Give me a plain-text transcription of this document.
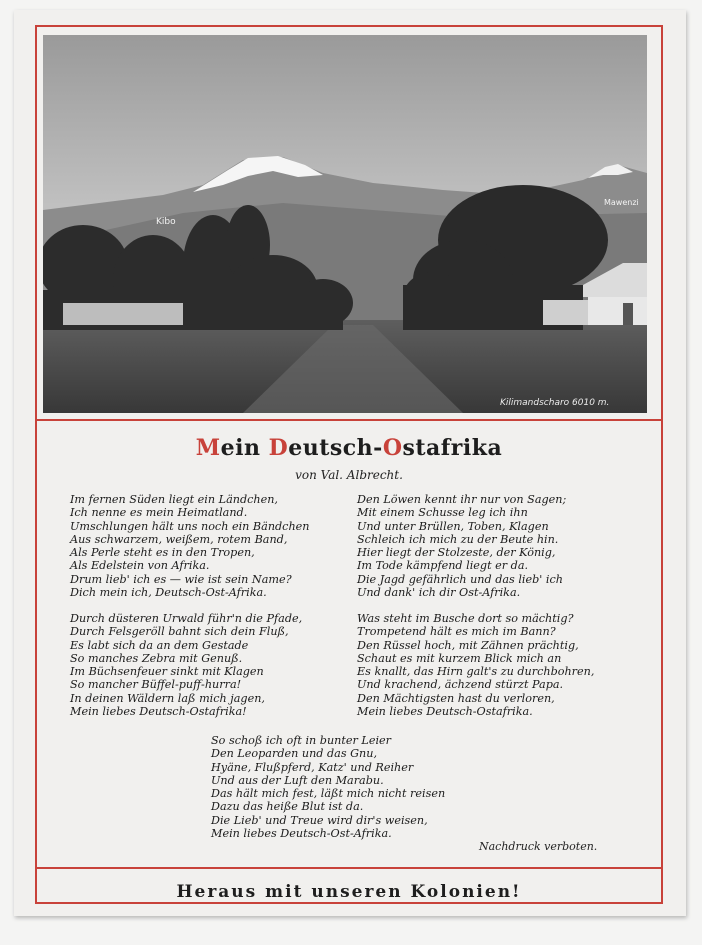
Kibo
Mawenzi
Kilimandscharo 6010 m.
Mein Deutsch-Ostafrika
von Val. Albrecht.
Im fernen Süden liegt ein Ländchen,
Ich nenne es mein Heimatland.
Umschlungen hält uns noch ein Bändchen
Aus schwarzem, weißem, rotem Band,
Als Perle steht es in den Tropen,
Als Edelstein von Afrika.
Drum lieb' ich es — wie ist sein Name?
Dich mein ich, Deutsch-Ost-Afrika.
Den Löwen kennt ihr nur von Sagen;
Mit einem Schusse leg ich ihn
Und unter Brüllen, Toben, Klagen
Schleich ich mich zu der Beute hin.
Hier liegt der Stolzeste, der König,
Im Tode kämpfend liegt er da.
Die Jagd gefährlich und das lieb' ich
Und dank' ich dir Ost-Afrika.
Durch düsteren Urwald führ'n die Pfade,
Durch Felsgeröll bahnt sich dein Fluß,
Es labt sich da an dem Gestade
So manches Zebra mit Genuß.
Im Büchsenfeuer sinkt mit Klagen
So mancher Büffel-puff-hurra!
In deinen Wäldern laß mich jagen,
Mein liebes Deutsch-Ostafrika!
Was steht im Busche dort so mächtig?
Trompetend hält es mich im Bann?
Den Rüssel hoch, mit Zähnen prächtig,
Schaut es mit kurzem Blick mich an
Es knallt, das Hirn galt's zu durchbohren,
Und krachend, ächzend stürzt Papa.
Den Mächtigsten hast du verloren,
Mein liebes Deutsch-Ostafrika.
So schoß ich oft in bunter Leier
Den Leoparden und das Gnu,
Hyäne, Flußpferd, Katz' und Reiher
Und aus der Luft den Marabu.
Das hält mich fest, läßt mich nicht reisen
Dazu das heiße Blut ist da.
Die Lieb' und Treue wird dir's weisen,
Mein liebes Deutsch-Ost-Afrika.
Nachdruck verboten.
Heraus mit unseren Kolonien!
